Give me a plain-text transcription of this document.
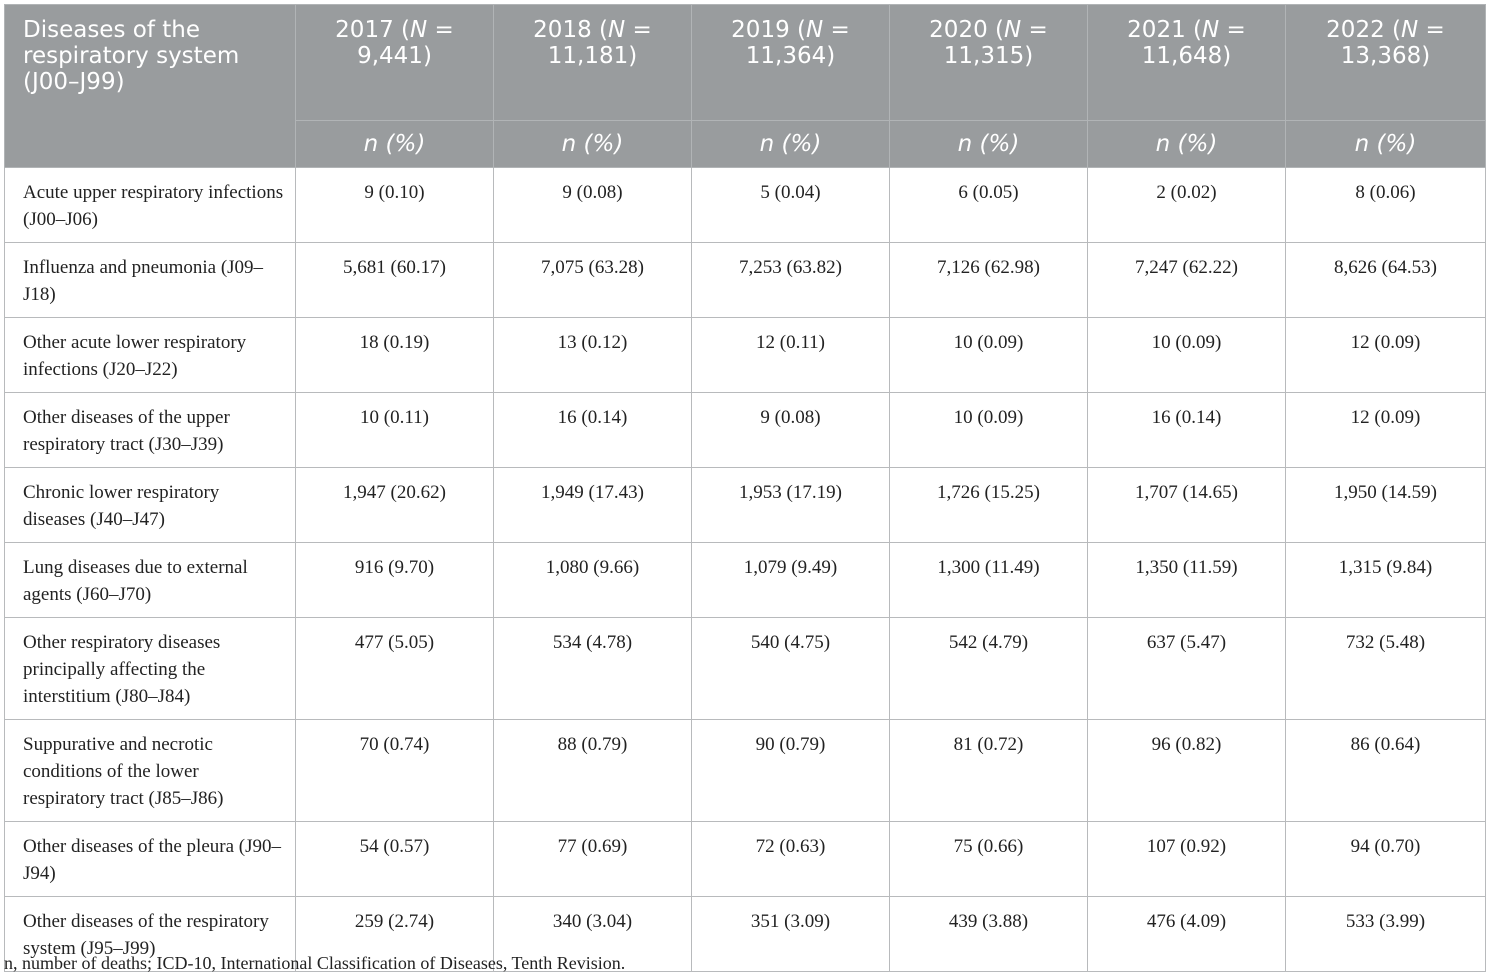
Diseases of the respiratory system (J00–J99)	2017 (N = 9,441)	2018 (N = 11,181)	2019 (N = 11,364)	2020 (N = 11,315)	2021 (N = 11,648)	2022 (N = 13,368)
	n (%)	n (%)	n (%)	n (%)	n (%)	n (%)
Acute upper respiratory infections (J00–J06)	9 (0.10)	9 (0.08)	5 (0.04)	6 (0.05)	2 (0.02)	8 (0.06)
Influenza and pneumonia (J09–J18)	5,681 (60.17)	7,075 (63.28)	7,253 (63.82)	7,126 (62.98)	7,247 (62.22)	8,626 (64.53)
Other acute lower respiratory infections (J20–J22)	18 (0.19)	13 (0.12)	12 (0.11)	10 (0.09)	10 (0.09)	12 (0.09)
Other diseases of the upper respiratory tract (J30–J39)	10 (0.11)	16 (0.14)	9 (0.08)	10 (0.09)	16 (0.14)	12 (0.09)
Chronic lower respiratory diseases (J40–J47)	1,947 (20.62)	1,949 (17.43)	1,953 (17.19)	1,726 (15.25)	1,707 (14.65)	1,950 (14.59)
Lung diseases due to external agents (J60–J70)	916 (9.70)	1,080 (9.66)	1,079 (9.49)	1,300 (11.49)	1,350 (11.59)	1,315 (9.84)
Other respiratory diseases principally affecting the interstitium (J80–J84)	477 (5.05)	534 (4.78)	540 (4.75)	542 (4.79)	637 (5.47)	732 (5.48)
Suppurative and necrotic conditions of the lower respiratory tract (J85–J86)	70 (0.74)	88 (0.79)	90 (0.79)	81 (0.72)	96 (0.82)	86 (0.64)
Other diseases of the pleura (J90–J94)	54 (0.57)	77 (0.69)	72 (0.63)	75 (0.66)	107 (0.92)	94 (0.70)
Other diseases of the respiratory system (J95–J99)	259 (2.74)	340 (3.04)	351 (3.09)	439 (3.88)	476 (4.09)	533 (3.99)
n, number of deaths; ICD-10, International Classification of Diseases, Tenth Revision.
